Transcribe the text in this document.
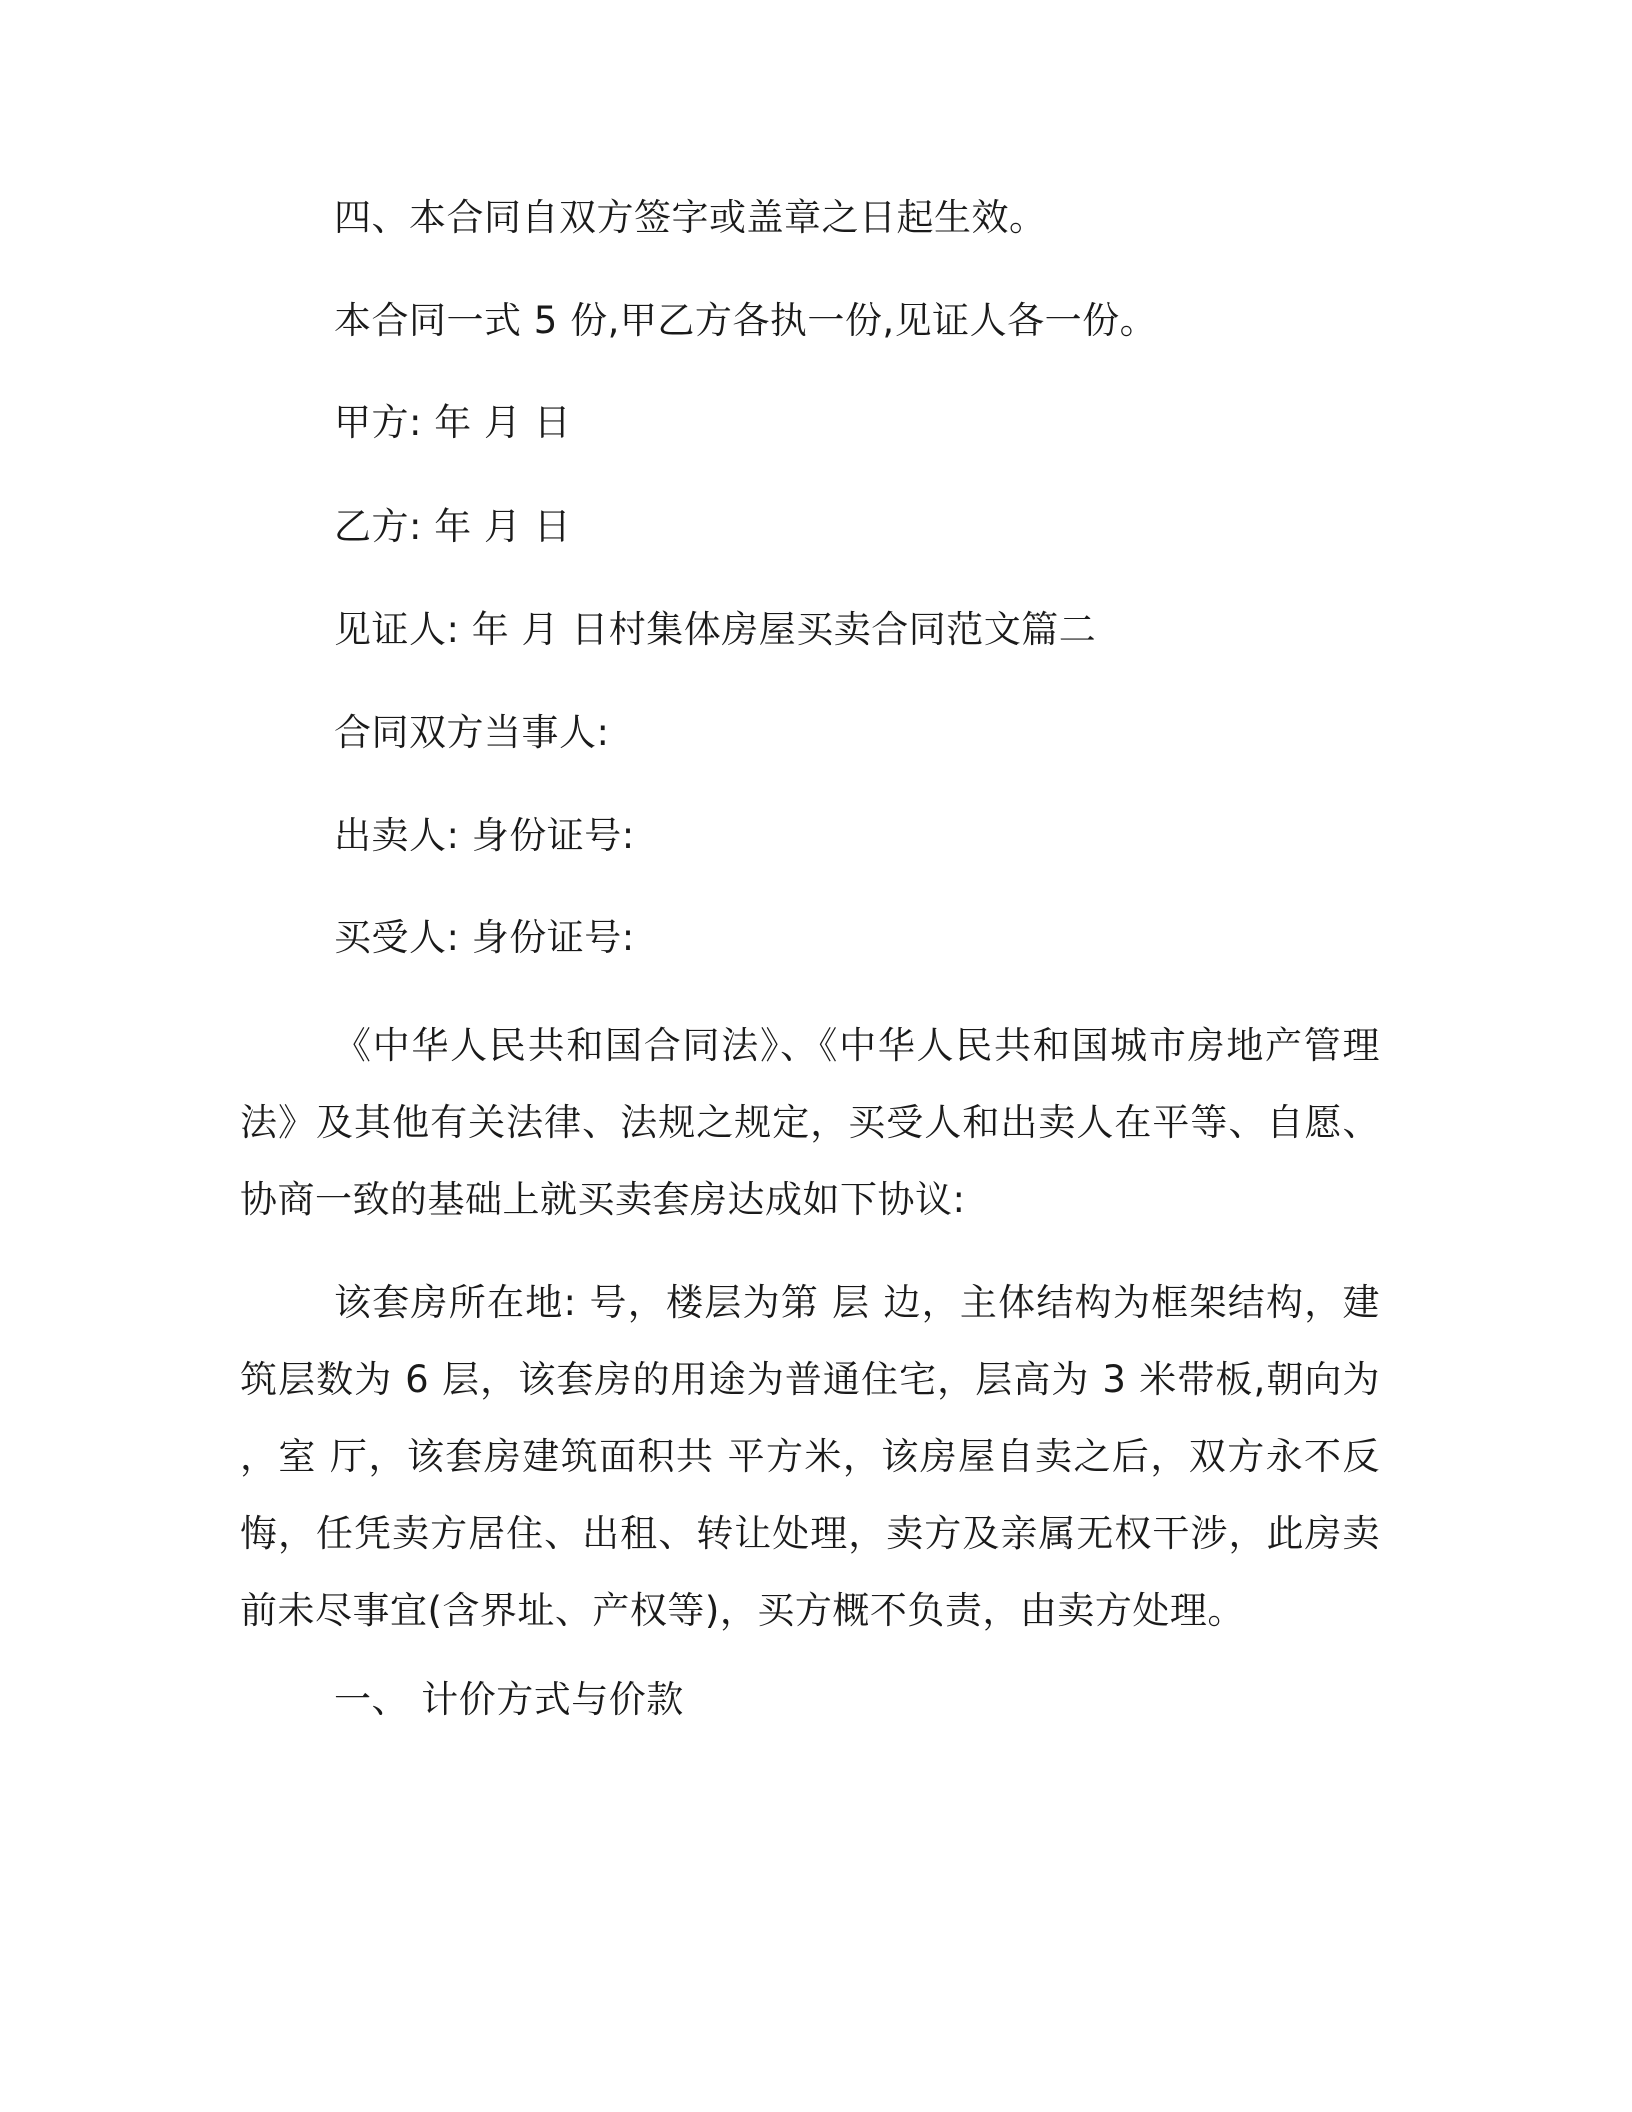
四、本合同自双方签字或盖章之日起生效。
本合同一式 5 份,甲乙方各执一份,见证人各一份。
甲方: 年 月 日
乙方: 年 月 日
见证人: 年 月 日村集体房屋买卖合同范文篇二
合同双方当事人:
出卖人: 身份证号:
买受人: 身份证号:
《中华人民共和国合同法》、《中华人民共和国城市房地产管理法》及其他有关法律、法规之规定，买受人和出卖人在平等、自愿、协商一致的基础上就买卖套房达成如下协议:
该套房所在地: 号，楼层为第 层 边，主体结构为框架结构，建筑层数为 6 层，该套房的用途为普通住宅，层高为 3 米带板,朝向为 ，室 厅，该套房建筑面积共 平方米，该房屋自卖之后，双方永不反悔，任凭卖方居住、出租、转让处理，卖方及亲属无权干涉，此房卖前未尽事宜(含界址、产权等)，买方概不负责，由卖方处理。
一、 计价方式与价款
